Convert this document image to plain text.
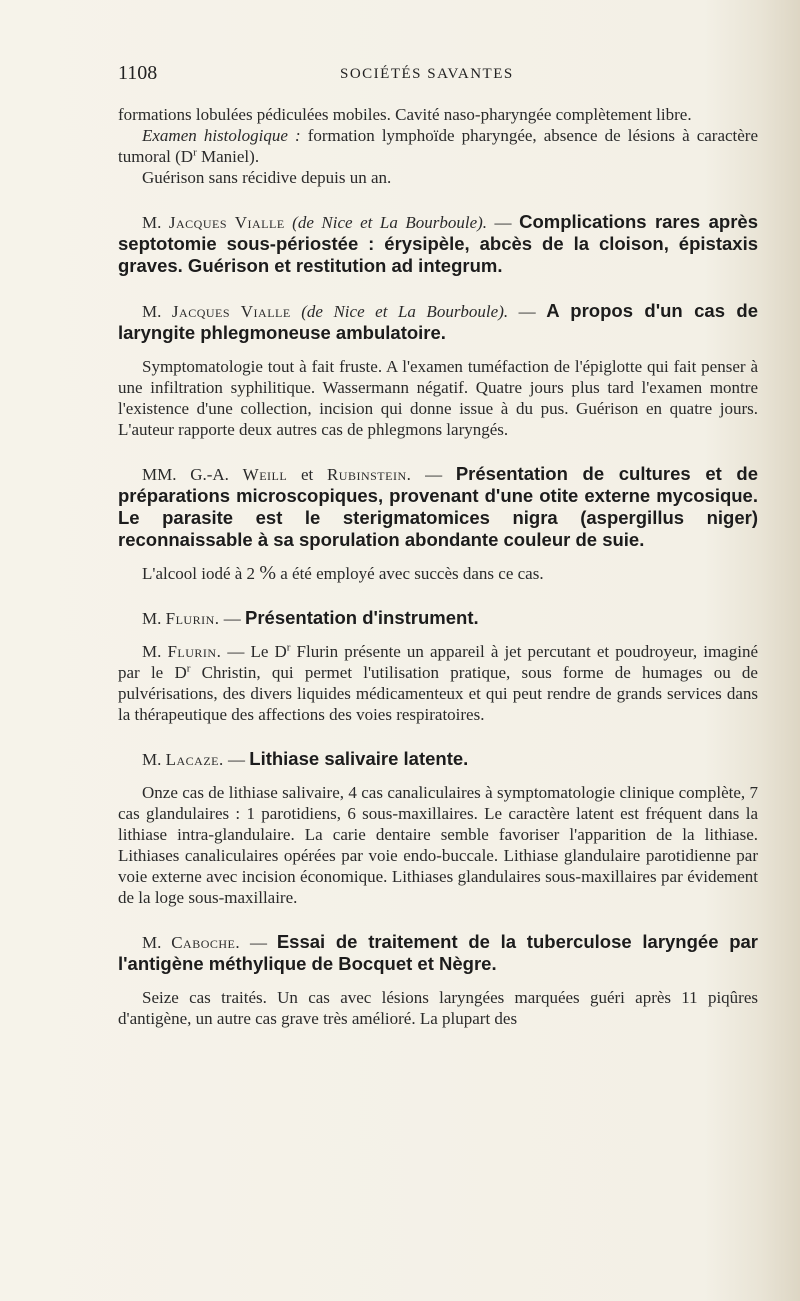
1108	SOCIÉTÉS SAVANTES

formations lobulées pédiculées mobiles. Cavité naso-pharyngée complètement libre.

Examen histologique : formation lymphoïde pharyngée, absence de lésions à caractère tumoral ($D^r$ Maniel).

Guérison sans récidive depuis un an.

M. Jacques Vialle (de Nice et La Bourboule). — Complications rares après septotomie sous-périostée : érysipèle, abcès de la cloison, épistaxis graves. Guérison et restitution ad integrum.

M. Jacques Vialle (de Nice et La Bourboule). — A propos d'un cas de laryngite phlegmoneuse ambulatoire.

Symptomatologie tout à fait fruste. A l'examen tuméfaction de l'épiglotte qui fait penser à une infiltration syphilitique. Wassermann négatif. Quatre jours plus tard l'examen montre l'existence d'une collection, incision qui donne issue à du pus. Guérison en quatre jours. L'auteur rapporte deux autres cas de phlegmons laryngés.

MM. G.-A. Weill et Rubinstein. — Présentation de cultures et de préparations microscopiques, provenant d'une otite externe mycosique. Le parasite est le sterigmatomices nigra (aspergillus niger) reconnaissable à sa sporulation abondante couleur de suie.

L'alcool iodé à 2 % a été employé avec succès dans ce cas.

M. Flurin. — Présentation d'instrument.

M. Flurin. — Le $D^r$ Flurin présente un appareil à jet percutant et poudroyeur, imaginé par le $D^r$ Christin, qui permet l'utilisation pratique, sous forme de humages ou de pulvérisations, des divers liquides médicamenteux et qui peut rendre de grands services dans la thérapeutique des affections des voies respiratoires.

M. Lacaze. — Lithiase salivaire latente.

Onze cas de lithiase salivaire, 4 cas canaliculaires à symptomatologie clinique complète, 7 cas glandulaires : 1 parotidiens, 6 sous-maxillaires. Le caractère latent est fréquent dans la lithiase intra-glandulaire. La carie dentaire semble favoriser l'apparition de la lithiase. Lithiases canaliculaires opérées par voie endo-buccale. Lithiase glandulaire parotidienne par voie externe avec incision économique. Lithiases glandulaires sous-maxillaires par évidement de la loge sous-maxillaire.

M. Caboche. — Essai de traitement de la tuberculose laryngée par l'antigène méthylique de Bocquet et Nègre.

Seize cas traités. Un cas avec lésions laryngées marquées guéri après 11 piqûres d'antigène, un autre cas grave très amélioré. La plupart des
